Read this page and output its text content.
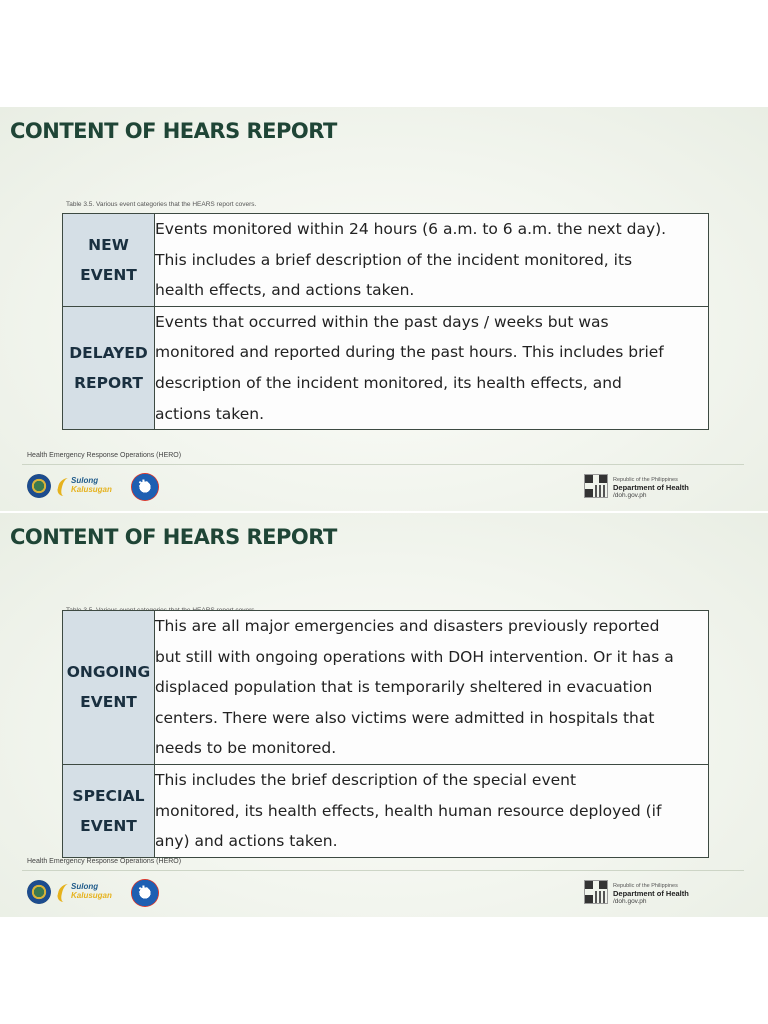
CONTENT OF HEARS REPORT
Table 3.5. Various event categories that the HEARS report covers.
NEW
EVENT	Events monitored within 24 hours (6 a.m. to 6 a.m. the next day).
This includes a brief description of the incident monitored, its
health effects, and actions taken.
DELAYED
REPORT	Events that occurred within the past days / weeks but was
monitored and reported during the past hours. This includes brief
description of the incident monitored, its health effects, and
actions taken.
Health Emergency Response Operations (HERO)
Sulong
Kalusugan
✱
Republic of the Philippines
Department of Health
/doh.gov.ph
CONTENT OF HEARS REPORT
ONGOING
EVENT	This are all major emergencies and disasters previously reported
but still with ongoing operations with DOH intervention. Or it has a
displaced population that is temporarily sheltered in evacuation
centers. There were also victims were admitted in hospitals that
needs to be monitored.
SPECIAL
EVENT	This includes the brief description of the special event
monitored, its health effects, health human resource deployed (if
any) and actions taken.
Health Emergency Response Operations (HERO)
Sulong
Kalusugan
✱
Republic of the Philippines
Department of Health
/doh.gov.ph
